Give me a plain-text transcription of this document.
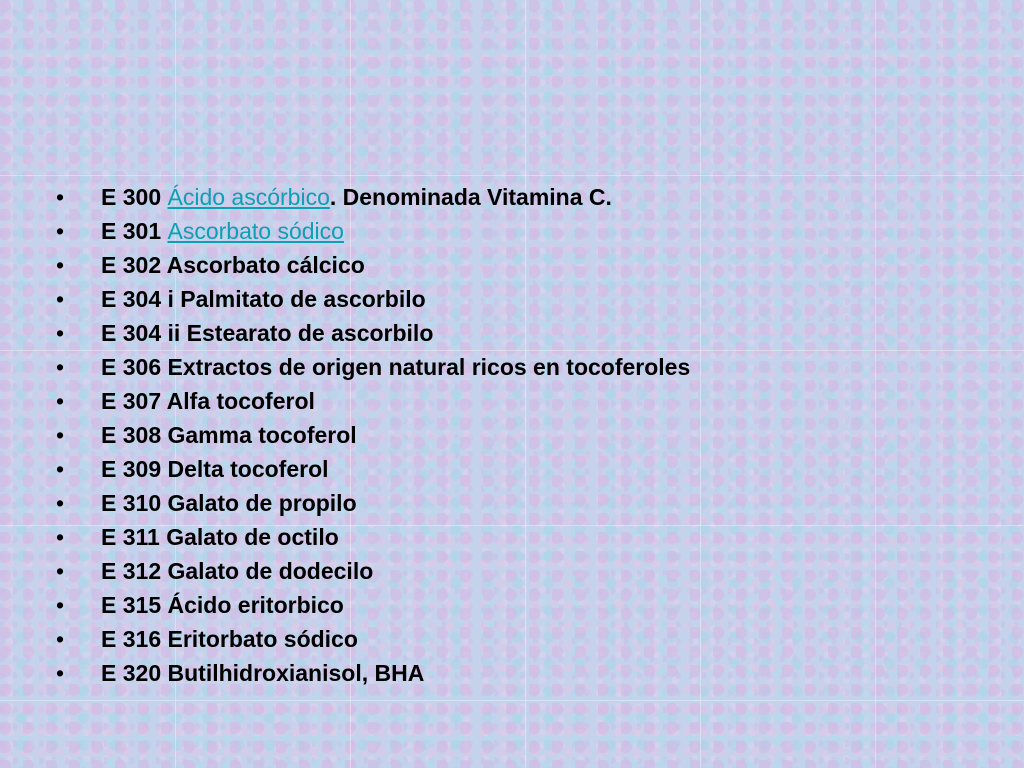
•	E 300 Ácido ascórbico. Denominada Vitamina C.
•	E 301 Ascorbato sódico
•	E 302 Ascorbato cálcico
•	E 304 i Palmitato de ascorbilo
•	E 304 ii Estearato de ascorbilo
•	E 306 Extractos de origen natural ricos en tocoferoles
•	E 307 Alfa tocoferol
•	E 308 Gamma tocoferol
•	E 309 Delta tocoferol
•	E 310 Galato de propilo
•	E 311 Galato de octilo
•	E 312 Galato de dodecilo
•	E 315 Ácido eritorbico
•	E 316 Eritorbato sódico
•	E 320 Butilhidroxianisol, BHA
